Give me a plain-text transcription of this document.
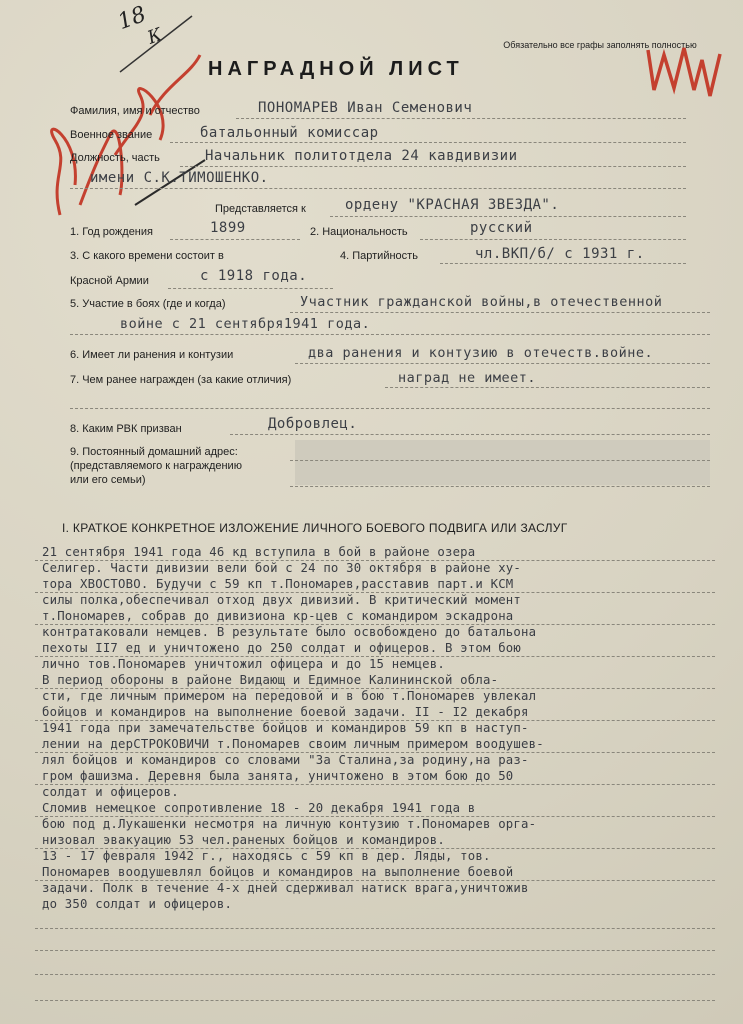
Обязательно все графы заполнять полностью
18
К
НАГРАДНОЙ ЛИСТ
Фамилия, имя и отчество	ПОНОМАРЕВ Иван Семенович
Военное звание	батальонный комиссар
Должность, часть	Начальник политотдела 24 кавдивизии
имени С.К.ТИМОШЕНКО.
Представляется к	ордену "КРАСНАЯ ЗВЕЗДА".
1. Год рождения	1899	2. Национальность	русский
3. С какого времени состоит в
Красной Армии	с 1918 года.
4. Партийность	чл.ВКП/б/ с 1931 г.
5. Участие в боях (где и когда)	Участник гражданской войны,в отечественной
войне с 21 сентября1941 года.
6. Имеет ли ранения и контузии	два ранения и контузию в отечеств.войне.
7. Чем ранее награжден (за какие отличия)	наград не имеет.
8. Каким РВК призван	Добровлец.
9. Постоянный домашний адрес:
(представляемого к награждению
или его семьи)
I. КРАТКОЕ КОНКРЕТНОЕ ИЗЛОЖЕНИЕ ЛИЧНОГО БОЕВОГО ПОДВИГА ИЛИ ЗАСЛУГ
21 сентября 1941 года 46 кд вступила в бой в районе озера
Селигер. Части дивизии вели бой с 24 по 30 октября в районе ху-
тора ХВОСТОВО. Будучи с 59 кп т.Пономарев,расставив парт.и КСМ
силы полка,обеспечивал отход двух дивизий. В критический момент
т.Пономарев, собрав до дивизиона кр-цев с командиром эскадрона
контратаковали немцев. В результате было освобождено до батальона
пехоты II7 ед и уничтожено до 250 солдат и офицеров. В этом бою
лично тов.Пономарев уничтожил офицера и до 15 немцев.
В период обороны в районе Видающ и Едимное Калининской обла-
сти, где личным примером на передовой и в бою т.Пономарев увлекал
бойцов и командиров на выполнение боевой задачи. II - I2 декабря
1941 года при замечательстве бойцов и командиров 59 кп в наступ-
лении на дерСТРОКОВИЧИ т.Пономарев своим личным примером воодушев-
лял бойцов и командиров со словами "За Сталина,за родину,на раз-
гром фашизма. Деревня была занята, уничтожено в этом бою до 50
солдат и офицеров.
Сломив немецкое сопротивление 18 - 20 декабря 1941 года в
бою под д.Лукашенки несмотря на личную контузию т.Пономарев орга-
низовал эвакуацию 53 чел.раненых бойцов и командиров.
13 - 17 февраля 1942 г., находясь с 59 кп в дер. Ляды, тов.
Пономарев воодушевлял бойцов и командиров на выполнение боевой
задачи. Полк в течение 4-х дней сдерживал натиск врага,уничтожив
до 350 солдат и офицеров.
